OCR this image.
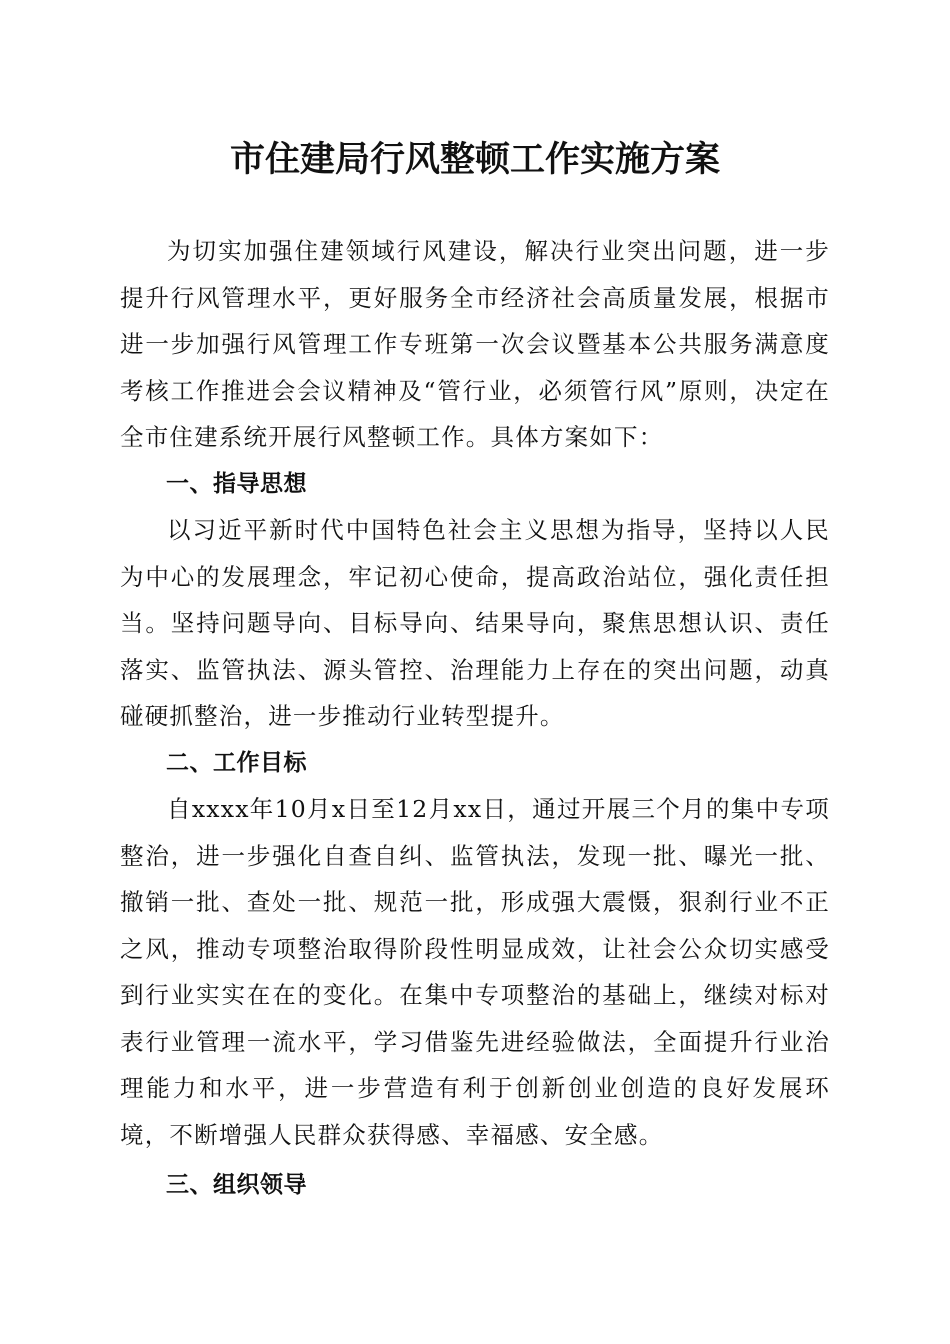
市住建局行风整顿工作实施方案

为切实加强住建领域行风建设，解决行业突出问题，进一步提升行风管理水平，更好服务全市经济社会高质量发展，根据市进一步加强行风管理工作专班第一次会议暨基本公共服务满意度考核工作推进会会议精神及“管行业，必须管行风”原则，决定在全市住建系统开展行风整顿工作。具体方案如下：

一、指导思想

以习近平新时代中国特色社会主义思想为指导，坚持以人民为中心的发展理念，牢记初心使命，提高政治站位，强化责任担当。坚持问题导向、目标导向、结果导向，聚焦思想认识、责任落实、监管执法、源头管控、治理能力上存在的突出问题，动真碰硬抓整治，进一步推动行业转型提升。

二、工作目标

自xxxx年10月x日至12月xx日，通过开展三个月的集中专项整治，进一步强化自查自纠、监管执法，发现一批、曝光一批、撤销一批、查处一批、规范一批，形成强大震慑，狠刹行业不正之风，推动专项整治取得阶段性明显成效，让社会公众切实感受到行业实实在在的变化。在集中专项整治的基础上，继续对标对表行业管理一流水平，学习借鉴先进经验做法，全面提升行业治理能力和水平，进一步营造有利于创新创业创造的良好发展环境，不断增强人民群众获得感、幸福感、安全感。

三、组织领导
